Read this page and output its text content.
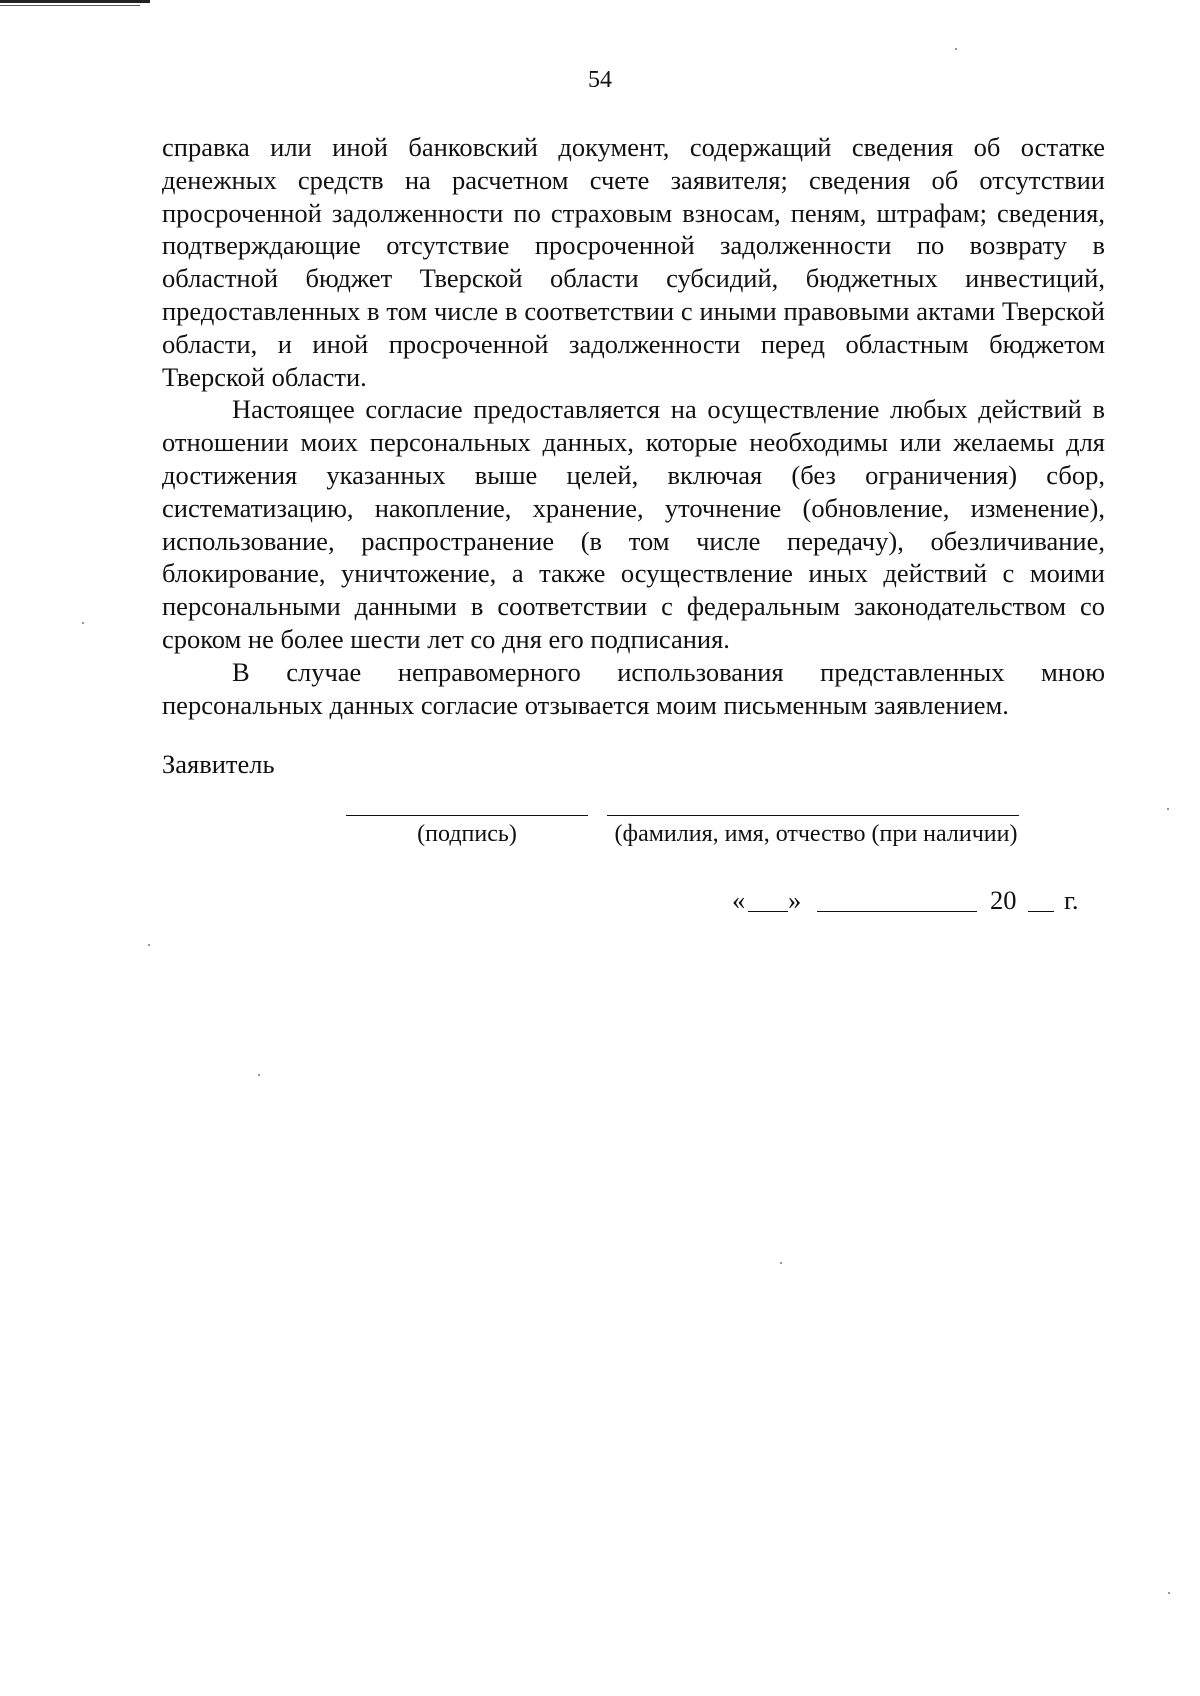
54

справка или иной банковский документ, содержащий сведения об остатке денежных средств на расчетном счете заявителя; сведения об отсутствии просроченной задолженности по страховым взносам, пеням, штрафам; сведения, подтверждающие отсутствие просроченной задолженности по возврату в областной бюджет Тверской области субсидий, бюджетных инвестиций, предоставленных в том числе в соответствии с иными правовыми актами Тверской области, и иной просроченной задолженности перед областным бюджетом Тверской области.

Настоящее согласие предоставляется на осуществление любых действий в отношении моих персональных данных, которые необходимы или желаемы для достижения указанных выше целей, включая (без ограничения) сбор, систематизацию, накопление, хранение, уточнение (обновление, изменение), использование, распространение (в том числе передачу), обезличивание, блокирование, уничтожение, а также осуществление иных действий с моими персональными данными в соответствии с федеральным законодательством со сроком не более шести лет со дня его подписания.

В случае неправомерного использования представленных мною персональных данных согласие отзывается моим письменным заявлением.

Заявитель
(подпись)	(фамилия, имя, отчество (при наличии)
« »	20 г.
